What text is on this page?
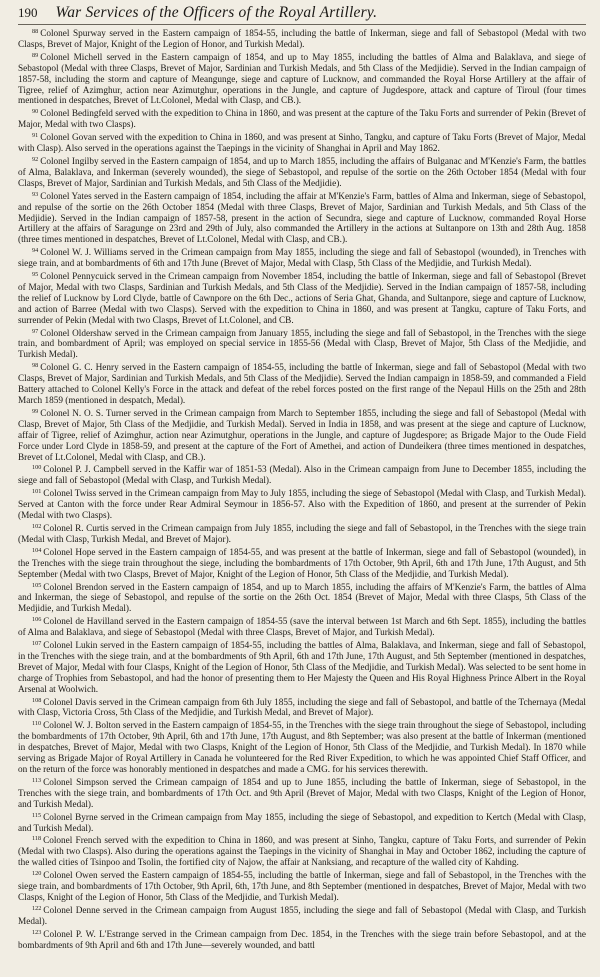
190 War Services of the Officers of the Royal Artillery.

$^{88}$ Colonel Spurway served in the Eastern campaign of 1854-55, including the battle of Inkerman, siege and fall of Sebastopol (Medal with two Clasps, Brevet of Major, Knight of the Legion of Honor, and Turkish Medal).

$^{89}$ Colonel Michell served in the Eastern campaign of 1854, and up to May 1855, including the battles of Alma and Balaklava, and siege of Sebastopol (Medal with three Clasps, Brevet of Major, Sardinian and Turkish Medals, and 5th Class of the Medjidie). Served in the Indian campaign of 1857-58, including the storm and capture of Meangunge, siege and capture of Lucknow, and commanded the Royal Horse Artillery at the affair of Tigree, relief of Azimghur, action near Azimutghur, operations in the Jungle, and capture of Jugdespore, attack and capture of Tiroul (four times mentioned in despatches, Brevet of Lt.Colonel, Medal with Clasp, and CB.).

$^{90}$ Colonel Bedingfeld served with the expedition to China in 1860, and was present at the capture of the Taku Forts and surrender of Pekin (Brevet of Major, Medal with two Clasps).

$^{91}$ Colonel Govan served with the expedition to China in 1860, and was present at Sinho, Tangku, and capture of Taku Forts (Brevet of Major, Medal with Clasp). Also served in the operations against the Taepings in the vicinity of Shanghai in April and May 1862.

$^{92}$ Colonel Ingilby served in the Eastern campaign of 1854, and up to March 1855, including the affairs of Bulganac and M'Kenzie's Farm, the battles of Alma, Balaklava, and Inkerman (severely wounded), the siege of Sebastopol, and repulse of the sortie on the 26th October 1854 (Medal with four Clasps, Brevet of Major, Sardinian and Turkish Medals, and 5th Class of the Medjidie).

$^{93}$ Colonel Yates served in the Eastern campaign of 1854, including the affair at M'Kenzie's Farm, battles of Alma and Inkerman, siege of Sebastopol, and repulse of the sortie on the 26th October 1854 (Medal with three Clasps, Brevet of Major, Sardinian and Turkish Medals, and 5th Class of the Medjidie). Served in the Indian campaign of 1857-58, present in the action of Secundra, siege and capture of Lucknow, commanded Royal Horse Artillery at the affairs of Saragunge on 23rd and 29th of July, also commanded the Artillery in the actions at Sultanpore on 13th and 28th Aug. 1858 (three times mentioned in despatches, Brevet of Lt.Colonel, Medal with Clasp, and CB.).

$^{94}$ Colonel W. J. Williams served in the Crimean campaign from May 1855, including the siege and fall of Sebastopol (wounded), in Trenches with siege train, and at bombardments of 6th and 17th June (Brevet of Major, Medal with Clasp, 5th Class of the Medjidie, and Turkish Medal).

$^{95}$ Colonel Pennycuick served in the Crimean campaign from November 1854, including the battle of Inkerman, siege and fall of Sebastopol (Brevet of Major, Medal with two Clasps, Sardinian and Turkish Medals, and 5th Class of the Medjidie). Served in the Indian campaign of 1857-58, including the relief of Lucknow by Lord Clyde, battle of Cawnpore on the 6th Dec., actions of Seria Ghat, Ghanda, and Sultanpore, siege and capture of Lucknow, and action of Barree (Medal with two Clasps). Served with the expedition to China in 1860, and was present at Tangku, capture of Taku Forts, and surrender of Pekin (Medal with two Clasps, Brevet of Lt.Colonel, and CB.

$^{97}$ Colonel Oldershaw served in the Crimean campaign from January 1855, including the siege and fall of Sebastopol, in the Trenches with the siege train, and bombardment of April; was employed on special service in 1855-56 (Medal with Clasp, Brevet of Major, 5th Class of the Medjidie, and Turkish Medal).

$^{98}$ Colonel G. C. Henry served in the Eastern campaign of 1854-55, including the battle of Inkerman, siege and fall of Sebastopol (Medal with two Clasps, Brevet of Major, Sardinian and Turkish Medals, and 5th Class of the Medjidie). Served the Indian campaign in 1858-59, and commanded a Field Battery attached to Colonel Kelly's Force in the attack and defeat of the rebel forces posted on the first range of the Nepaul Hills on the 25th and 28th March 1859 (mentioned in despatch, Medal).

$^{99}$ Colonel N. O. S. Turner served in the Crimean campaign from March to September 1855, including the siege and fall of Sebastopol (Medal with Clasp, Brevet of Major, 5th Class of the Medjidie, and Turkish Medal). Served in India in 1858, and was present at the siege and capture of Lucknow, affair of Tigree, relief of Azimghur, action near Azimutghur, operations in the Jungle, and capture of Jugdespore; as Brigade Major to the Oude Field Force under Lord Clyde in 1858-59, and present at the capture of the Fort of Amethei, and action of Dundeikera (three times mentioned in despatches, Brevet of Lt.Colonel, Medal with Clasp, and CB.).

$^{100}$ Colonel P. J. Campbell served in the Kaffir war of 1851-53 (Medal). Also in the Crimean campaign from June to December 1855, including the siege and fall of Sebastopol (Medal with Clasp, and Turkish Medal).

$^{101}$ Colonel Twiss served in the Crimean campaign from May to July 1855, including the siege of Sebastopol (Medal with Clasp, and Turkish Medal). Served at Canton with the force under Rear Admiral Seymour in 1856-57. Also with the Expedition of 1860, and present at the surrender of Pekin (Medal with two Clasps).

$^{102}$ Colonel R. Curtis served in the Crimean campaign from July 1855, including the siege and fall of Sebastopol, in the Trenches with the siege train (Medal with Clasp, Turkish Medal, and Brevet of Major).

$^{104}$ Colonel Hope served in the Eastern campaign of 1854-55, and was present at the battle of Inkerman, siege and fall of Sebastopol (wounded), in the Trenches with the siege train throughout the siege, including the bombardments of 17th October, 9th April, 6th and 17th June, 17th August, and 5th September (Medal with two Clasps, Brevet of Major, Knight of the Legion of Honor, 5th Class of the Medjidie, and Turkish Medal).

$^{105}$ Colonel Brendon served in the Eastern campaign of 1854, and up to March 1855, including the affairs of M'Kenzie's Farm, the battles of Alma and Inkerman, the siege of Sebastopol, and repulse of the sortie on the 26th Oct. 1854 (Brevet of Major, Medal with three Clasps, 5th Class of the Medjidie, and Turkish Medal).

$^{106}$ Colonel de Havilland served in the Eastern campaign of 1854-55 (save the interval between 1st March and 6th Sept. 1855), including the battles of Alma and Balaklava, and siege of Sebastopol (Medal with three Clasps, Brevet of Major, and Turkish Medal).

$^{107}$ Colonel Lukin served in the Eastern campaign of 1854-55, including the battles of Alma, Balaklava, and Inkerman, siege and fall of Sebastopol, in the Trenches with the siege train, and at the bombardments of 9th April, 6th and 17th June, 17th August, and 5th September (mentioned in despatches, Brevet of Major, Medal with four Clasps, Knight of the Legion of Honor, 5th Class of the Medjidie, and Turkish Medal). Was selected to be sent home in charge of Trophies from Sebastopol, and had the honor of presenting them to Her Majesty the Queen and His Royal Highness Prince Albert in the Royal Arsenal at Woolwich.

$^{108}$ Colonel Davis served in the Crimean campaign from 6th July 1855, including the siege and fall of Sebastopol, and battle of the Tchernaya (Medal with Clasp, Victoria Cross, 5th Class of the Medjidie, and Turkish Medal, and Brevet of Major).

$^{110}$ Colonel W. J. Bolton served in the Eastern campaign of 1854-55, in the Trenches with the siege train throughout the siege of Sebastopol, including the bombardments of 17th October, 9th April, 6th and 17th June, 17th August, and 8th September; was also present at the battle of Inkerman (mentioned in despatches, Brevet of Major, Medal with two Clasps, Knight of the Legion of Honor, 5th Class of the Medjidie, and Turkish Medal). In 1870 while serving as Brigade Major of Royal Artillery in Canada he volunteered for the Red River Expedition, to which he was appointed Chief Staff Officer, and on the return of the force was honorably mentioned in despatches and made a CMG. for his services therewith.

$^{113}$ Colonel Simpson served the Crimean campaign of 1854 and up to June 1855, including the battle of Inkerman, siege of Sebastopol, in the Trenches with the siege train, and bombardments of 17th Oct. and 9th April (Brevet of Major, Medal with two Clasps, Knight of the Legion of Honor, and Turkish Medal).

$^{115}$ Colonel Byrne served in the Crimean campaign from May 1855, including the siege of Sebastopol, and expedition to Kertch (Medal with Clasp, and Turkish Medal).

$^{118}$ Colonel French served with the expedition to China in 1860, and was present at Sinho, Tangku, capture of Taku Forts, and surrender of Pekin (Medal with two Clasps). Also during the operations against the Taepings in the vicinity of Shanghai in May and October 1862, including the capture of the walled cities of Tsinpoo and Tsolin, the fortified city of Najow, the affair at Nanksiang, and recapture of the walled city of Kahding.

$^{120}$ Colonel Owen served the Eastern campaign of 1854-55, including the battle of Inkerman, siege and fall of Sebastopol, in the Trenches with the siege train, and bombardments of 17th October, 9th April, 6th, 17th June, and 8th September (mentioned in despatches, Brevet of Major, Medal with two Clasps, Knight of the Legion of Honor, 5th Class of the Medjidie, and Turkish Medal).

$^{122}$ Colonel Denne served in the Crimean campaign from August 1855, including the siege and fall of Sebastopol (Medal with Clasp, and Turkish Medal).

$^{123}$ Colonel P. W. L'Estrange served in the Crimean campaign from Dec. 1854, in the Trenches with the siege train before Sebastopol, and at the bombardments of 9th April and 6th and 17th June—severely wounded, and battl
